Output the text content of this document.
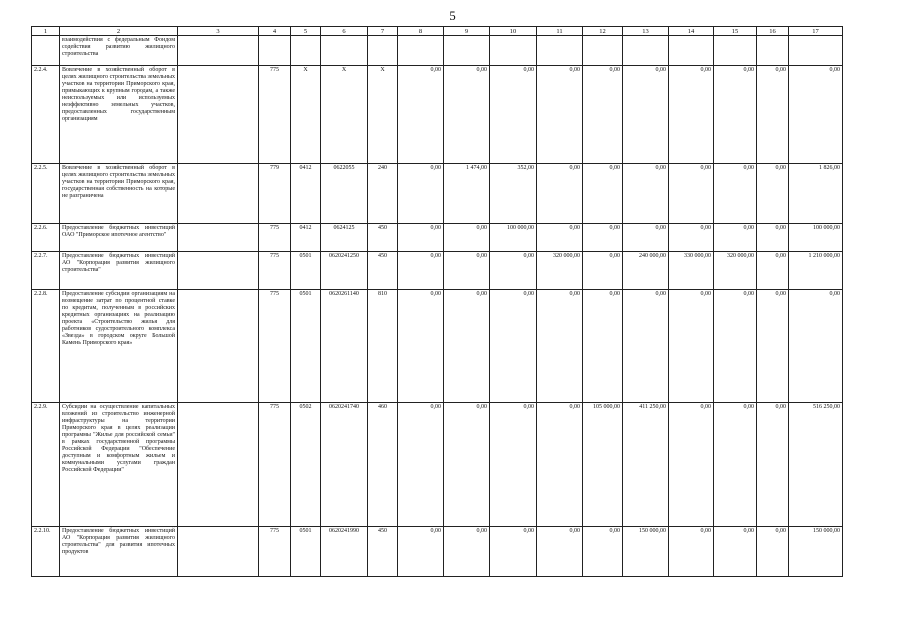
5
1	2	3	4	5	6	7	8	9	10	11	12	13	14	15	16	17
	взаимодействия с федеральным Фондом содействия развитию жилищного строительства															
2.2.4.	Вовлечение в хозяйственный оборот в целях жилищного строительства земельных участков на территории Приморского края, примыкающих к крупным городам, а также неиспользуемых или используемых неэффективно земельных участков, предоставленных государственным организациям		775	X	X	X	0,00	0,00	0,00	0,00	0,00	0,00	0,00	0,00	0,00	0,00
2.2.5.	Вовлечение в хозяйственный оборот в целях жилищного строительства земельных участков на территории Приморского края, государственная собственность на которые не разграничена		779	0412	0622055	240	0,00	1 474,00	352,00	0,00	0,00	0,00	0,00	0,00	0,00	1 826,00
2.2.6.	Предоставление бюджетных инвестиций ОАО "Приморское ипотечное агентство"		775	0412	0624125	450	0,00	0,00	100 000,00	0,00	0,00	0,00	0,00	0,00	0,00	100 000,00
2.2.7.	Предоставление бюджетных инвестиций АО "Корпорация развития жилищного строительства"		775	0501	0620241250	450	0,00	0,00	0,00	320 000,00	0,00	240 000,00	330 000,00	320 000,00	0,00	1 210 000,00
2.2.8.	Предоставление субсидии организациям на возмещение затрат по процентной ставке по кредитам, полученным в российских кредитных организациях на реализацию проекта «Строительство жилья для работников судостроительного комплекса «Звезда» в городском округе Большой Камень Приморского края»		775	0501	0620261140	810	0,00	0,00	0,00	0,00	0,00	0,00	0,00	0,00	0,00	0,00
2.2.9.	Субсидии на осуществление капитальных вложений из строительство инженерной инфраструктуры на территории Приморского края в целях реализации программы "Жилье для российской семьи" в рамках государственной программы Российской Федерации "Обеспечение доступным и комфортным жильем и коммунальными услугами граждан Российской Федерации"		775	0502	0620241740	460	0,00	0,00	0,00	0,00	105 000,00	411 250,00	0,00	0,00	0,00	516 250,00
2.2.10.	Предоставление бюджетных инвестиций АО "Корпорация развития жилищного строительства" для развития ипотечных продуктов		775	0501	0620241990	450	0,00	0,00	0,00	0,00	0,00	150 000,00	0,00	0,00	0,00	150 000,00
